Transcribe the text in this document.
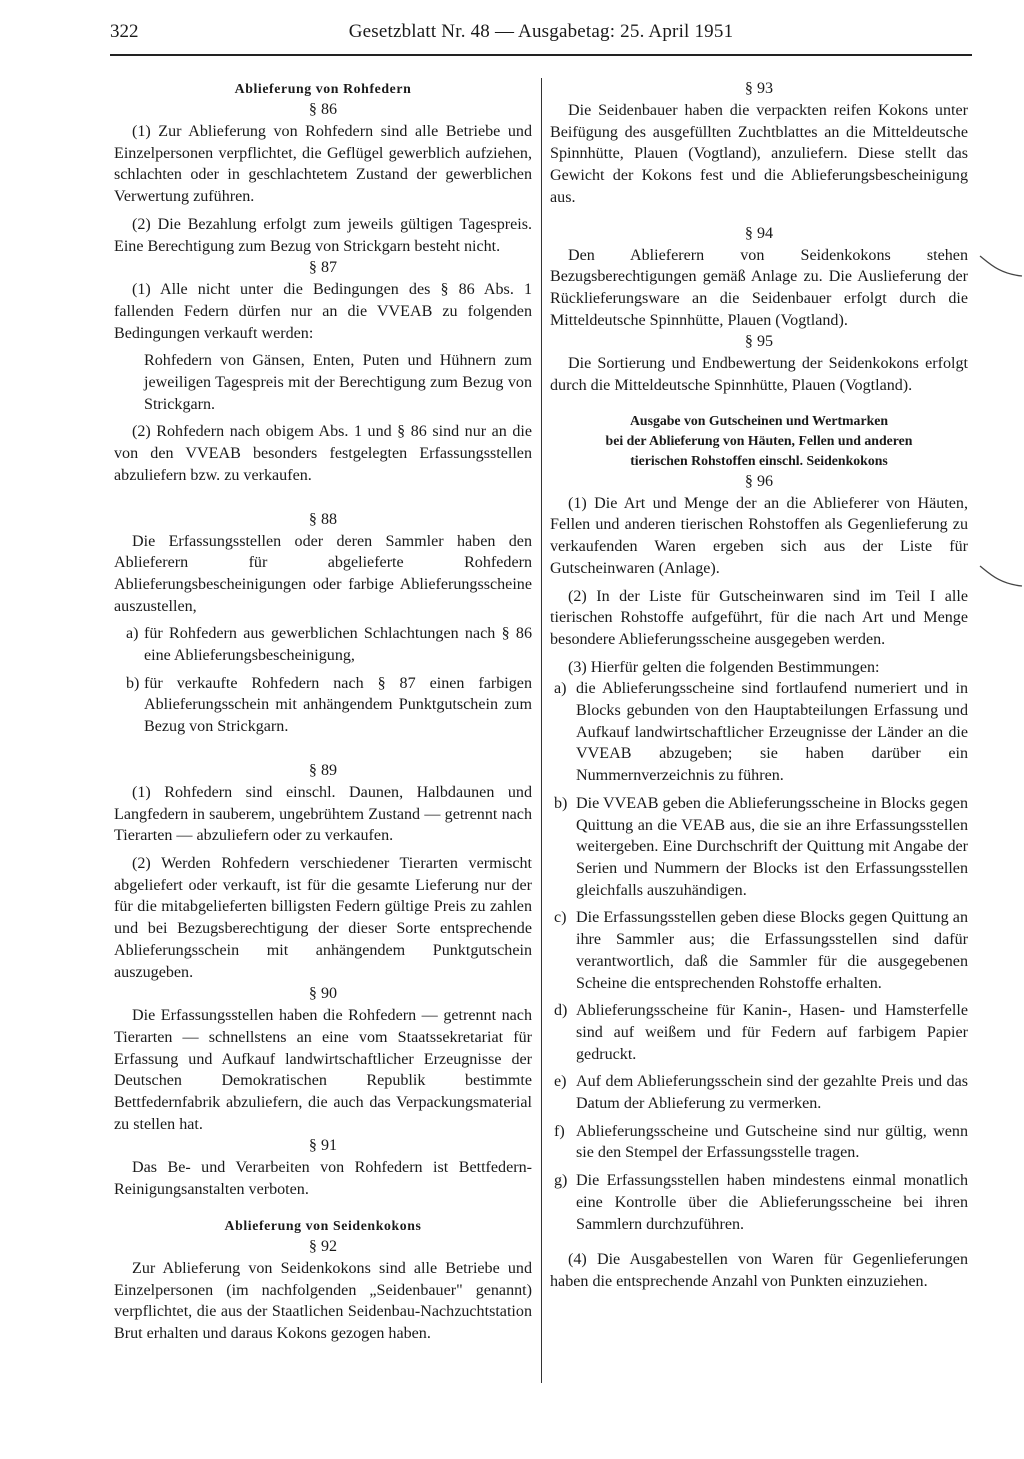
322	Gesetzblatt Nr. 48 — Ausgabetag: 25. April 1951
Ablieferung von Rohfedern
§ 86

(1) Zur Ablieferung von Rohfedern sind alle Betriebe und Einzelpersonen verpflichtet, die Geflügel gewerblich aufziehen, schlachten oder in geschlachtetem Zustand der gewerblichen Verwertung zuführen.

(2) Die Bezahlung erfolgt zum jeweils gültigen Tagespreis. Eine Berechtigung zum Bezug von Strickgarn besteht nicht.

§ 87

(1) Alle nicht unter die Bedingungen des § 86 Abs. 1 fallenden Federn dürfen nur an die VVEAB zu folgenden Bedingungen verkauft werden:

Rohfedern von Gänsen, Enten, Puten und Hühnern zum jeweiligen Tagespreis mit der Berechtigung zum Bezug von Strickgarn.

(2) Rohfedern nach obigem Abs. 1 und § 86 sind nur an die von den VVEAB besonders festgelegten Erfassungsstellen abzuliefern bzw. zu verkaufen.

§ 88

Die Erfassungsstellen oder deren Sammler haben den Ablieferern für abgelieferte Rohfedern Ablieferungsbescheinigungen oder farbige Ablieferungsscheine auszustellen,

a) für Rohfedern aus gewerblichen Schlachtungen nach § 86 eine Ablieferungsbescheinigung,
b) für verkaufte Rohfedern nach § 87 einen farbigen Ablieferungsschein mit anhängendem Punktgutschein zum Bezug von Strickgarn.
§ 89

(1) Rohfedern sind einschl. Daunen, Halbdaunen und Langfedern in sauberem, ungebrühtem Zustand — getrennt nach Tierarten — abzuliefern oder zu verkaufen.

(2) Werden Rohfedern verschiedener Tierarten vermischt abgeliefert oder verkauft, ist für die gesamte Lieferung nur der für die mitabgelieferten billigsten Federn gültige Preis zu zahlen und bei Bezugsberechtigung der dieser Sorte entsprechende Ablieferungsschein mit anhängendem Punktgutschein auszugeben.

§ 90

Die Erfassungsstellen haben die Rohfedern — getrennt nach Tierarten — schnellstens an eine vom Staatssekretariat für Erfassung und Aufkauf landwirtschaftlicher Erzeugnisse der Deutschen Demokratischen Republik bestimmte Bettfedernfabrik abzuliefern, die auch das Verpackungsmaterial zu stellen hat.

§ 91

Das Be- und Verarbeiten von Rohfedern ist Bettfedern-Reinigungsanstalten verboten.

Ablieferung von Seidenkokons
§ 92

Zur Ablieferung von Seidenkokons sind alle Betriebe und Einzelpersonen (im nachfolgenden „Seidenbauer" genannt) verpflichtet, die aus der Staatlichen Seidenbau-Nachzuchtstation Brut erhalten und daraus Kokons gezogen haben.

§ 93

Die Seidenbauer haben die verpackten reifen Kokons unter Beifügung des ausgefüllten Zuchtblattes an die Mitteldeutsche Spinnhütte, Plauen (Vogtland), anzuliefern. Diese stellt das Gewicht der Kokons fest und die Ablieferungsbescheinigung aus.

§ 94

Den Ablieferern von Seidenkokons stehen Bezugsberechtigungen gemäß Anlage zu. Die Auslieferung der Rücklieferungsware an die Seidenbauer erfolgt durch die Mitteldeutsche Spinnhütte, Plauen (Vogtland).

§ 95

Die Sortierung und Endbewertung der Seidenkokons erfolgt durch die Mitteldeutsche Spinnhütte, Plauen (Vogtland).

Ausgabe von Gutscheinen und Wertmarken
bei der Ablieferung von Häuten, Fellen und anderen
tierischen Rohstoffen einschl. Seidenkokons
§ 96

(1) Die Art und Menge der an die Ablieferer von Häuten, Fellen und anderen tierischen Rohstoffen als Gegenlieferung zu verkaufenden Waren ergeben sich aus der Liste für Gutscheinwaren (Anlage).

(2) In der Liste für Gutscheinwaren sind im Teil I alle tierischen Rohstoffe aufgeführt, für die nach Art und Menge besondere Ablieferungsscheine ausgegeben werden.

(3) Hierfür gelten die folgenden Bestimmungen:

a) die Ablieferungsscheine sind fortlaufend numeriert und in Blocks gebunden von den Hauptabteilungen Erfassung und Aufkauf landwirtschaftlicher Erzeugnisse der Länder an die VVEAB abzugeben; sie haben darüber ein Nummernverzeichnis zu führen.
b) Die VVEAB geben die Ablieferungsscheine in Blocks gegen Quittung an die VEAB aus, die sie an ihre Erfassungsstellen weitergeben. Eine Durchschrift der Quittung mit Angabe der Serien und Nummern der Blocks ist den Erfassungsstellen gleichfalls auszuhändigen.
c) Die Erfassungsstellen geben diese Blocks gegen Quittung an ihre Sammler aus; die Erfassungsstellen sind dafür verantwortlich, daß die Sammler für die ausgegebenen Scheine die entsprechenden Rohstoffe erhalten.
d) Ablieferungsscheine für Kanin-, Hasen- und Hamsterfelle sind auf weißem und für Federn auf farbigem Papier gedruckt.
e) Auf dem Ablieferungsschein sind der gezahlte Preis und das Datum der Ablieferung zu vermerken.
f) Ablieferungsscheine und Gutscheine sind nur gültig, wenn sie den Stempel der Erfassungsstelle tragen.
g) Die Erfassungsstellen haben mindestens einmal monatlich eine Kontrolle über die Ablieferungsscheine bei ihren Sammlern durchzuführen.

(4) Die Ausgabestellen von Waren für Gegenlieferungen haben die entsprechende Anzahl von Punkten einzuziehen.
